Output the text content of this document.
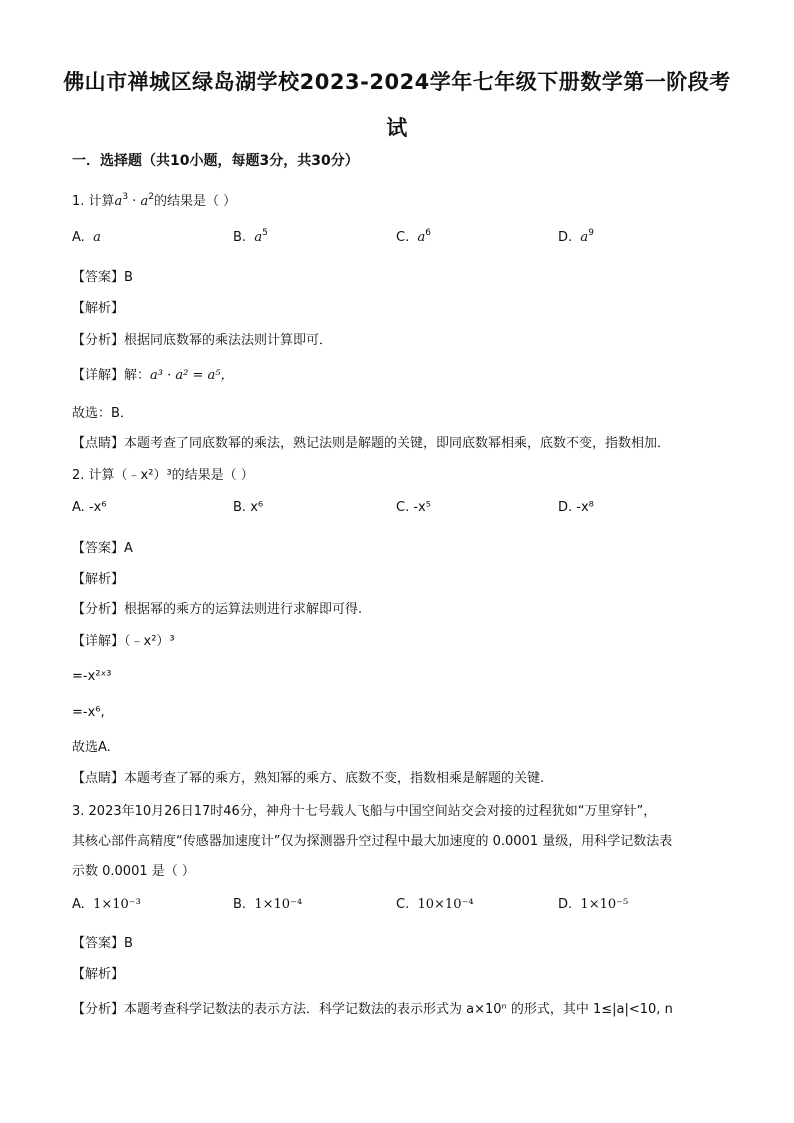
佛山市禅城区绿岛湖学校2023-2024学年七年级下册数学第一阶段考
试
一．选择题（共10小题，每题3分，共30分）
1. 计算$a^3 \cdot a^2$的结果是（ ）
A. a	B. $a^5$	C. $a^6$	D. $a^9$
【答案】B
【解析】
【分析】根据同底数幂的乘法法则计算即可．
【详解】解：a³ · a² = a⁵，
故选：B．
【点睛】本题考查了同底数幂的乘法，熟记法则是解题的关键，即同底数幂相乘，底数不变，指数相加．
2. 计算（﹣x²）³的结果是（ ）
A. -x⁶	B. x⁶	C. -x⁵	D. -x⁸
【答案】A
【解析】
【分析】根据幂的乘方的运算法则进行求解即可得.
【详解】（﹣x²）³
=-x²ˣ³
=-x⁶,
故选A.
【点睛】本题考查了幂的乘方，熟知幂的乘方、底数不变，指数相乘是解题的关键.
3. 2023年10月26日17时46分，神舟十七号载人飞船与中国空间站交会对接的过程犹如“万里穿针”，
其核心部件高精度“传感器加速度计”仅为探测器升空过程中最大加速度的 0.0001 量级，用科学记数法表
示数 0.0001 是（ ）
A. 1×10⁻³	B. 1×10⁻⁴	C. 10×10⁻⁴	D. 1×10⁻⁵
【答案】B
【解析】
【分析】本题考查科学记数法的表示方法．科学记数法的表示形式为 a×10ⁿ 的形式，其中 1≤|a|<10, n
